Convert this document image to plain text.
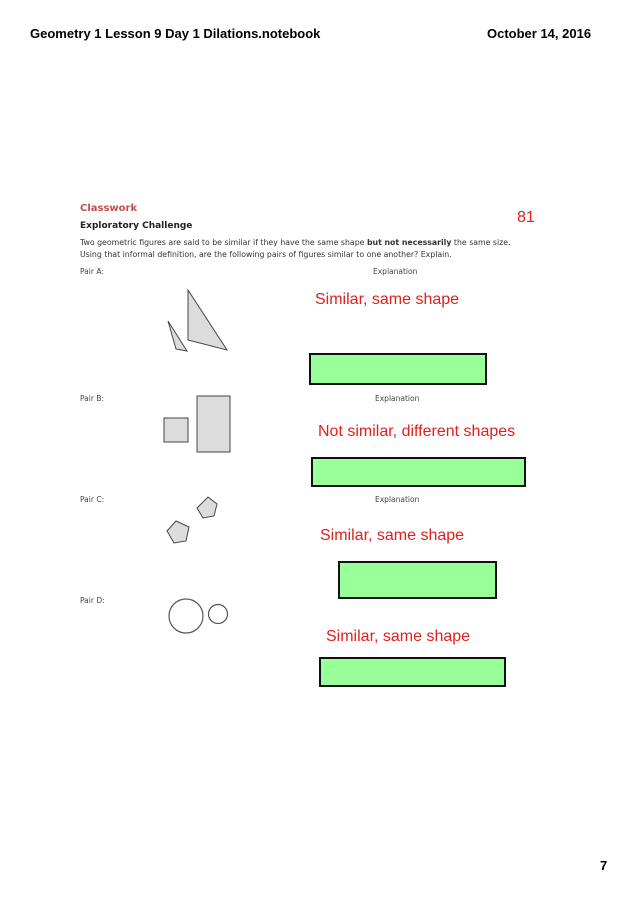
Geometry 1 Lesson 9 Day 1 Dilations.notebook	October 14, 2016
Classwork
Exploratory Challenge
Two geometric figures are said to be similar if they have the same shape but not necessarily the same size. Using that informal definition, are the following pairs of figures similar to one another? Explain.
81
Pair A:	Explanation
Similar, same shape
Pair B:	Explanation
Not similar, different shapes
Pair C:	Explanation
Similar, same shape
Pair D:
Similar, same shape
7
